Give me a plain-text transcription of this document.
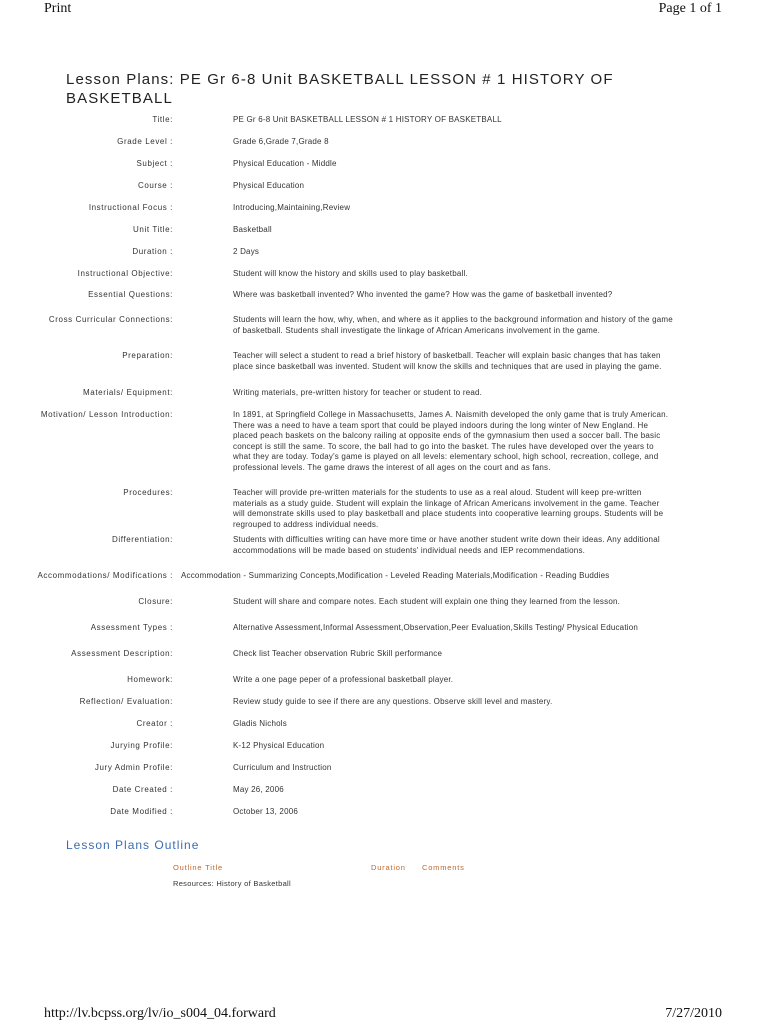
Print	Page 1 of 1
Lesson Plans: PE Gr 6-8 Unit BASKETBALL LESSON # 1 HISTORY OF BASKETBALL
Title:	PE Gr 6-8 Unit BASKETBALL LESSON # 1 HISTORY OF BASKETBALL
Grade Level :	Grade 6,Grade 7,Grade 8
Subject :	Physical Education - Middle
Course :	Physical Education
Instructional Focus :	Introducing,Maintaining,Review
Unit Title:	Basketball
Duration :	2 Days
Instructional Objective:	Student will know the history and skills used to play basketball.
Essential Questions:	Where was basketball invented? Who invented the game? How was the game of basketball invented?
Cross Curricular Connections:	Students will learn the how, why, when, and where as it applies to the background information and history of the game of basketball. Students shall investigate the linkage of African Americans involvement in the game.
Preparation:	Teacher will select a student to read a brief history of basketball. Teacher will explain basic changes that has taken place since basketball was invented. Student will know the skills and techniques that are used in playing the game.
Materials/ Equipment:	Writing materials, pre-written history for teacher or student to read.
Motivation/ Lesson Introduction:	In 1891, at Springfield College in Massachusetts, James A. Naismith developed the only game that is truly American. There was a need to have a team sport that could be played indoors during the long winter of New England. He placed peach baskets on the balcony railing at opposite ends of the gymnasium then used a soccer ball. The basic concept is still the same. To score, the ball had to go into the basket. The rules have developed over the years to what they are today. Today's game is played on all levels: elementary school, high school, recreation, college, and professional levels. The game draws the interest of all ages on the court and as fans.
Procedures:	Teacher will provide pre-written materials for the students to use as a real aloud. Student will keep pre-written materials as a study guide. Student will explain the linkage of African Americans involvement in the game. Teacher will demonstrate skills used to play basketball and place students into cooperative learning groups. Students will be regrouped to address individual needs.
Differentiation:	Students with difficulties writing can have more time or have another student write down their ideas. Any additional accommodations will be made based on students' individual needs and IEP recommendations.
Accommodations/ Modifications : Accommodation - Summarizing Concepts,Modification - Leveled Reading Materials,Modification - Reading Buddies
Closure:	Student will share and compare notes. Each student will explain one thing they learned from the lesson.
Assessment Types :	Alternative Assessment,Informal Assessment,Observation,Peer Evaluation,Skills Testing/ Physical Education
Assessment Description:	Check list Teacher observation Rubric Skill performance
Homework:	Write a one page peper of a professional basketball player.
Reflection/ Evaluation:	Review study guide to see if there are any questions. Observe skill level and mastery.
Creator :	Gladis Nichols
Jurying Profile:	K-12 Physical Education
Jury Admin Profile:	Curriculum and Instruction
Date Created :	May 26, 2006
Date Modified :	October 13, 2006
Lesson Plans Outline
Outline Title	Duration Comments
Resources: History of Basketball
http://lv.bcpss.org/lv/io_s004_04.forward	7/27/2010
